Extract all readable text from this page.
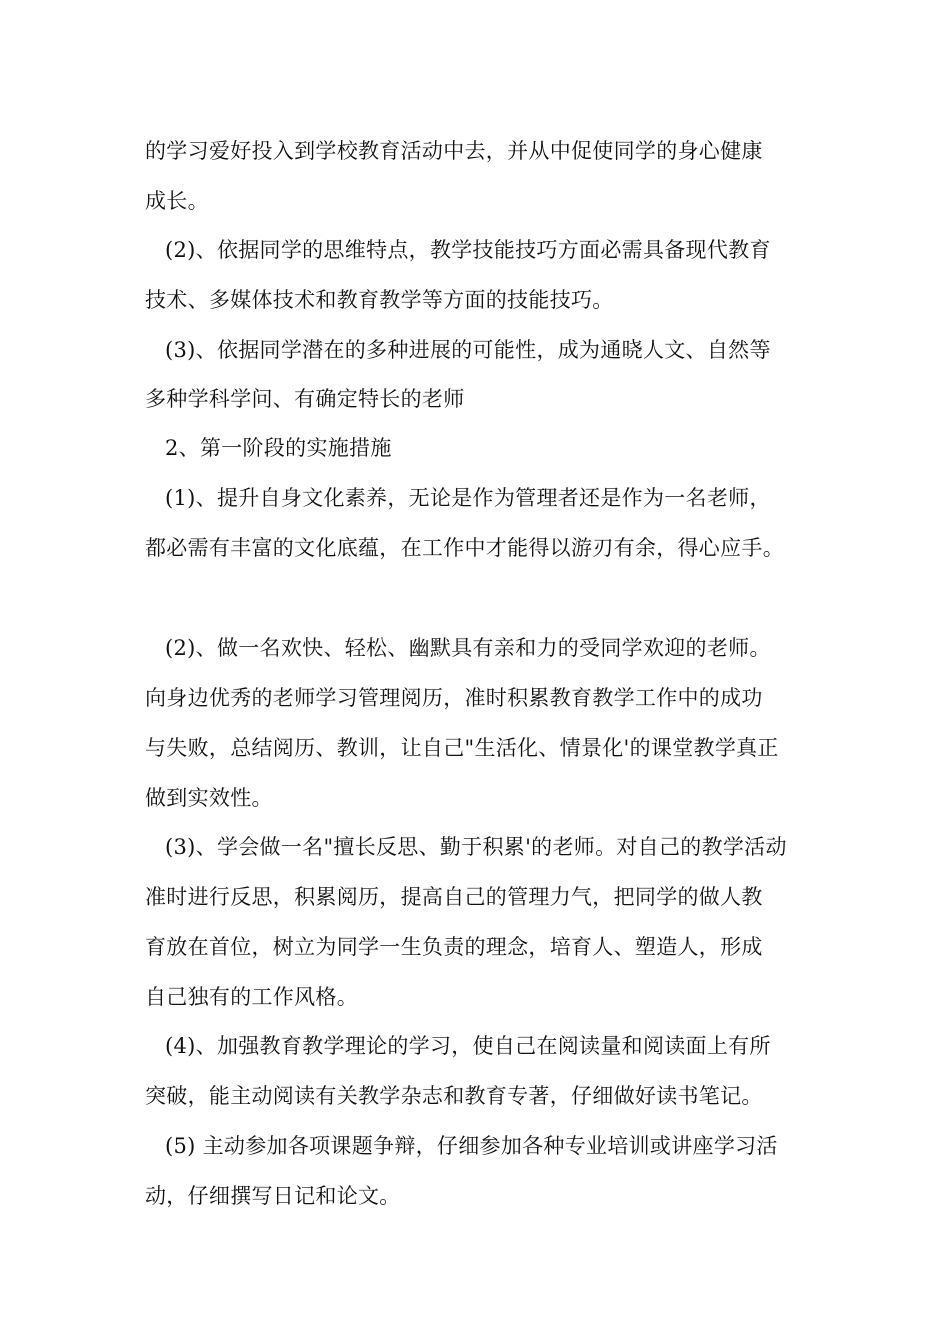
的学习爱好投入到学校教育活动中去，并从中促使同学的身心健康
成长。
(2)、依据同学的思维特点，教学技能技巧方面必需具备现代教育
技术、多媒体技术和教育教学等方面的技能技巧。
(3)、依据同学潜在的多种进展的可能性，成为通晓人文、自然等
多种学科学问、有确定特长的老师
2、第一阶段的实施措施
(1)、提升自身文化素养，无论是作为管理者还是作为一名老师，
都必需有丰富的文化底蕴，在工作中才能得以游刃有余，得心应手。
(2)、做一名欢快、轻松、幽默具有亲和力的受同学欢迎的老师。
向身边优秀的老师学习管理阅历，准时积累教育教学工作中的成功
与失败，总结阅历、教训，让自己"生活化、情景化'的课堂教学真正
做到实效性。
(3)、学会做一名"擅长反思、勤于积累'的老师。对自己的教学活动
准时进行反思，积累阅历，提高自己的管理力气，把同学的做人教
育放在首位，树立为同学一生负责的理念，培育人、塑造人，形成
自己独有的工作风格。
(4)、加强教育教学理论的学习，使自己在阅读量和阅读面上有所
突破，能主动阅读有关教学杂志和教育专著，仔细做好读书笔记。
(5) 主动参加各项课题争辩，仔细参加各种专业培训或讲座学习活
动，仔细撰写日记和论文。
